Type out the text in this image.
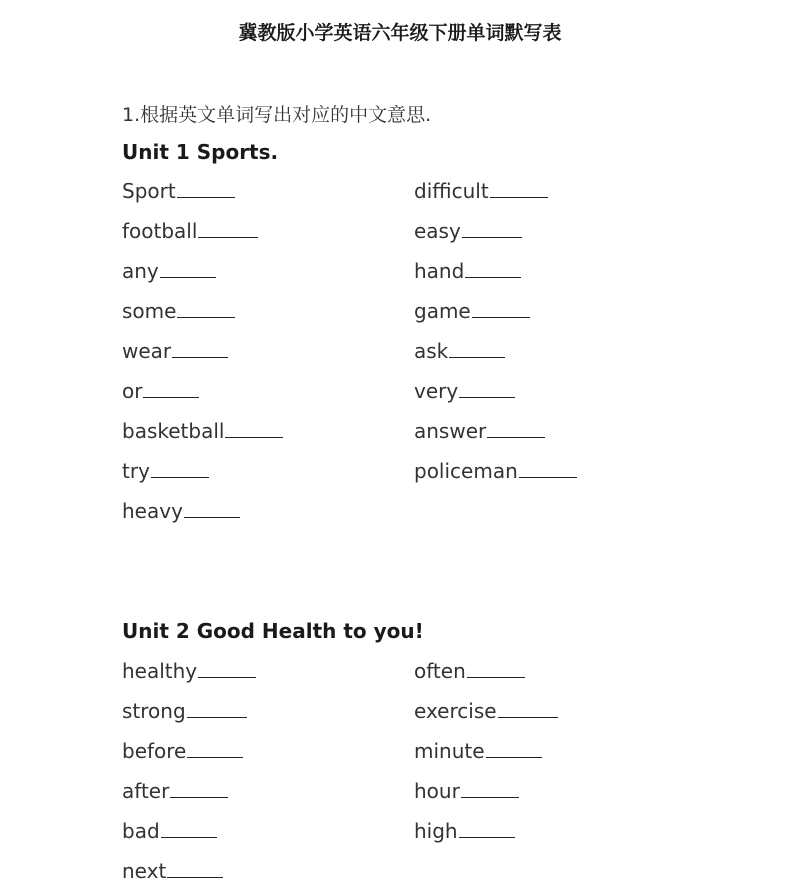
冀教版小学英语六年级下册单词默写表
1.根据英文单词写出对应的中文意思.
Unit 1 Sports.
Sport
football
any
some
wear
or
basketball
try
heavy
difficult
easy
hand
game
ask
very
answer
policeman
Unit 2 Good Health to you!
healthy
strong
before
after
bad
next
often
exercise
minute
hour
high
